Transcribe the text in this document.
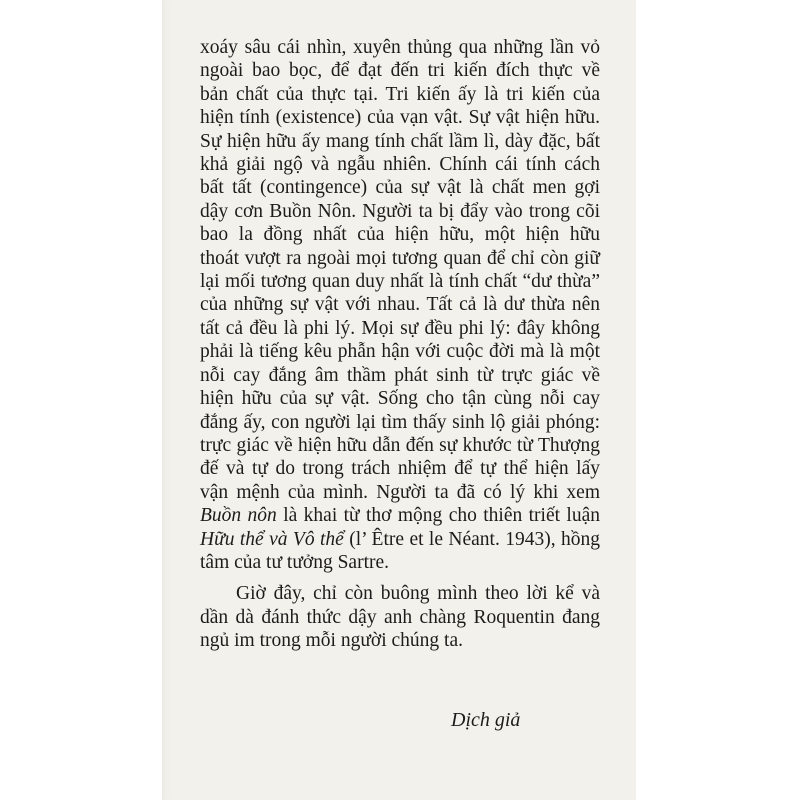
xoáy sâu cái nhìn, xuyên thủng qua những lần vỏ
ngoài bao bọc, để đạt đến tri kiến đích thực về
bản chất của thực tại. Tri kiến ấy là tri kiến của
hiện tính (existence) của vạn vật. Sự vật hiện hữu.
Sự hiện hữu ấy mang tính chất lầm lì, dày đặc, bất
khả giải ngộ và ngẫu nhiên. Chính cái tính cách
bất tất (contingence) của sự vật là chất men gợi
dậy cơn Buồn Nôn. Người ta bị đẩy vào trong cõi
bao la đồng nhất của hiện hữu, một hiện hữu
thoát vượt ra ngoài mọi tương quan để chỉ còn giữ
lại mối tương quan duy nhất là tính chất “dư thừa”
của những sự vật với nhau. Tất cả là dư thừa nên
tất cả đều là phi lý. Mọi sự đều phi lý: đây không
phải là tiếng kêu phẫn hận với cuộc đời mà là một
nỗi cay đắng âm thầm phát sinh từ trực giác về
hiện hữu của sự vật. Sống cho tận cùng nỗi cay
đắng ấy, con người lại tìm thấy sinh lộ giải phóng:
trực giác về hiện hữu dẫn đến sự khước từ Thượng
đế và tự do trong trách nhiệm để tự thể hiện lấy
vận mệnh của mình. Người ta đã có lý khi xem
Buồn nôn là khai từ thơ mộng cho thiên triết luận
Hữu thể và Vô thể (l’ Être et le Néant. 1943), hồng
tâm của tư tưởng Sartre.
Giờ đây, chỉ còn buông mình theo lời kể và
dần dà đánh thức dậy anh chàng Roquentin đang
ngủ im trong mỗi người chúng ta.
Dịch giả
